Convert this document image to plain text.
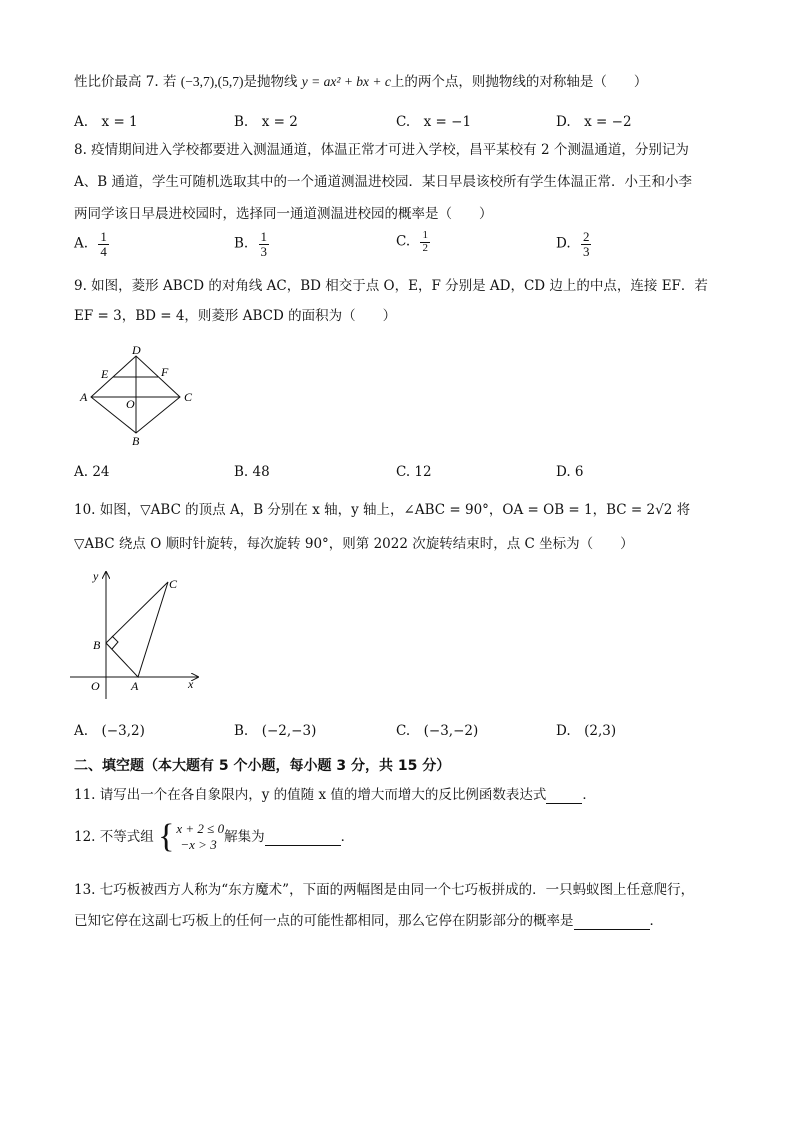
性比价最高 7. 若 (−3,7),(5,7)是抛物线 y = ax² + bx + c上的两个点，则抛物线的对称轴是（　　）
A.　x = 1	B.　x = 2	C.　x = −1	D.　x = −2
8. 疫情期间进入学校都要进入测温通道，体温正常才可进入学校，昌平某校有 2 个测温通道，分别记为
A、B 通道，学生可随机选取其中的一个通道测温进校园．某日早晨该校所有学生体温正常．小王和小李
两同学该日早晨进校园时，选择同一通道测温进校园的概率是（　　）
A. $\frac{1}{4}$	B. $\frac{1}{3}$	C. $\frac{1}{2}$	D. $\frac{2}{3}$
9. 如图，菱形 ABCD 的对角线 AC，BD 相交于点 O，E，F 分别是 AD，CD 边上的中点，连接 EF．若
EF = 3，BD = 4，则菱形 ABCD 的面积为（　　）
D
E	F
A	O	C
B
A. 24	B. 48	C. 12	D. 6
10. 如图，▽ABC 的顶点 A，B 分别在 x 轴，y 轴上，∠ABC = 90°，OA = OB = 1，BC = 2√2 将
▽ABC 绕点 O 顺时针旋转，每次旋转 90°，则第 2022 次旋转结束时，点 C 坐标为（　　）
y
C
B
O	A	x
A.　(−3,2)	B.　(−2,−3)	C.　(−3,−2)	D.　(2,3)
二、填空题（本大题有 5 个小题，每小题 3 分，共 15 分）
11. 请写出一个在各自象限内，y 的值随 x 值的增大而增大的反比例函数表达式	．
12. 不等式组 { x + 2 ≤ 0
−x > 3 解集为	．
13. 七巧板被西方人称为“东方魔术”，下面的两幅图是由同一个七巧板拼成的．一只蚂蚁图上任意爬行，
已知它停在这副七巧板上的任何一点的可能性都相同，那么它停在阴影部分的概率是	．
